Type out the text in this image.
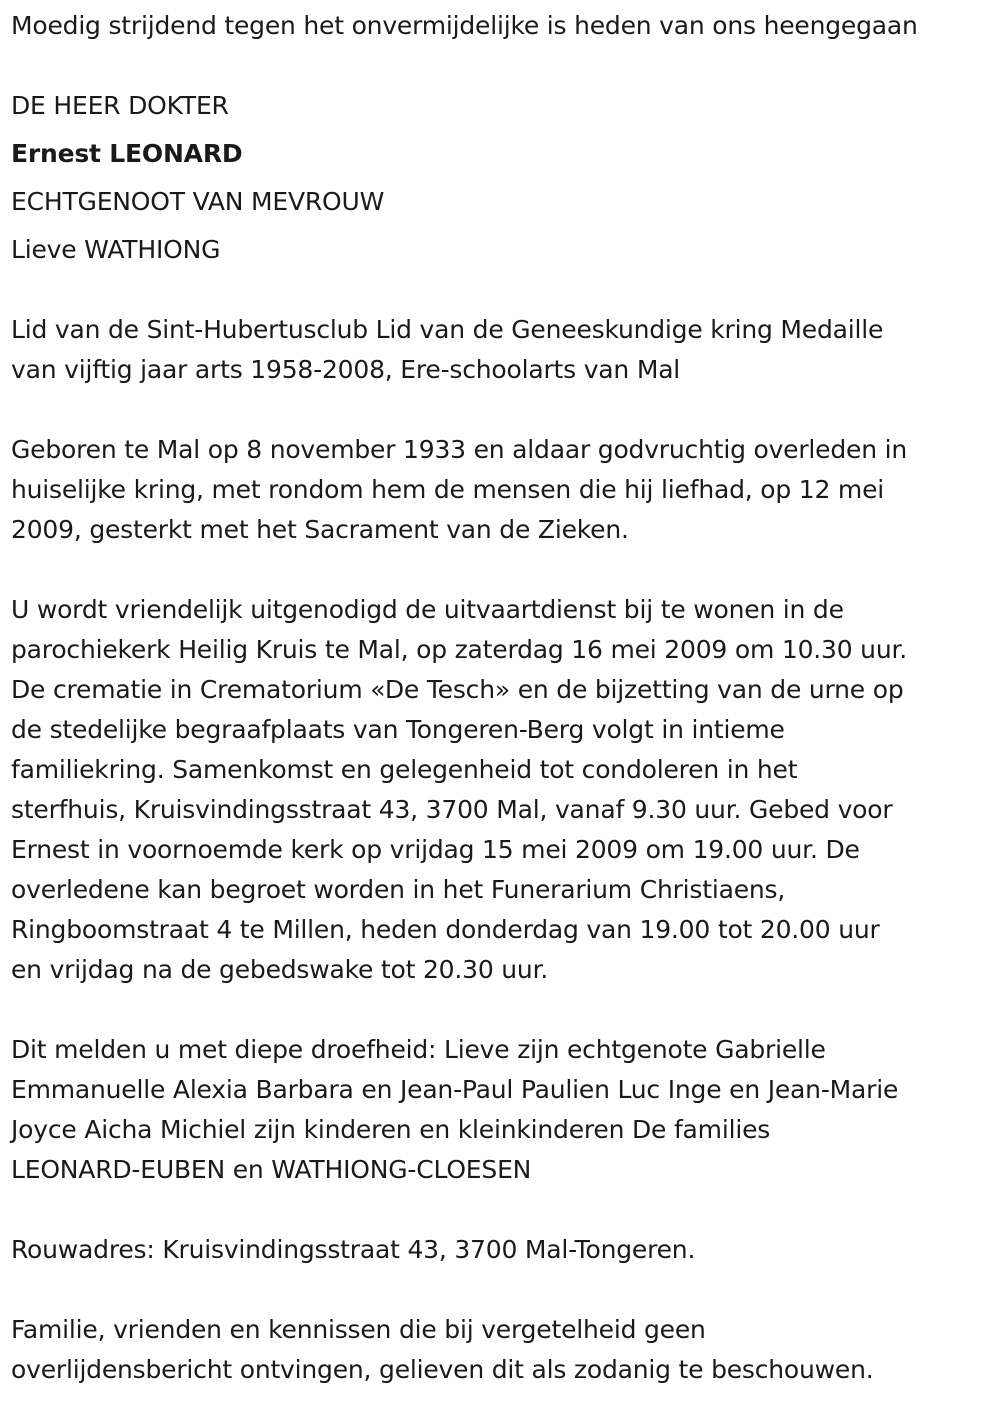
Moedig strijdend tegen het onvermijdelijke is heden van ons heengegaan

DE HEER DOKTER

Ernest LEONARD

ECHTGENOOT VAN MEVROUW

Lieve WATHIONG

Lid van de Sint-Hubertusclub Lid van de Geneeskundige kring Medaille

van vijftig jaar arts 1958-2008, Ere-schoolarts van Mal

Geboren te Mal op 8 november 1933 en aldaar godvruchtig overleden in

huiselijke kring, met rondom hem de mensen die hij liefhad, op 12 mei

2009, gesterkt met het Sacrament van de Zieken.

U wordt vriendelijk uitgenodigd de uitvaartdienst bij te wonen in de

parochiekerk Heilig Kruis te Mal, op zaterdag 16 mei 2009 om 10.30 uur.

De crematie in Crematorium «De Tesch» en de bijzetting van de urne op

de stedelijke begraafplaats van Tongeren-Berg volgt in intieme

familiekring. Samenkomst en gelegenheid tot condoleren in het

sterfhuis, Kruisvindingsstraat 43, 3700 Mal, vanaf 9.30 uur. Gebed voor

Ernest in voornoemde kerk op vrijdag 15 mei 2009 om 19.00 uur. De

overledene kan begroet worden in het Funerarium Christiaens,

Ringboomstraat 4 te Millen, heden donderdag van 19.00 tot 20.00 uur

en vrijdag na de gebedswake tot 20.30 uur.

Dit melden u met diepe droefheid: Lieve zijn echtgenote Gabrielle

Emmanuelle Alexia Barbara en Jean-Paul Paulien Luc Inge en Jean-Marie

Joyce Aicha Michiel zijn kinderen en kleinkinderen De families

LEONARD-EUBEN en WATHIONG-CLOESEN

Rouwadres: Kruisvindingsstraat 43, 3700 Mal-Tongeren.

Familie, vrienden en kennissen die bij vergetelheid geen

overlijdensbericht ontvingen, gelieven dit als zodanig te beschouwen.
